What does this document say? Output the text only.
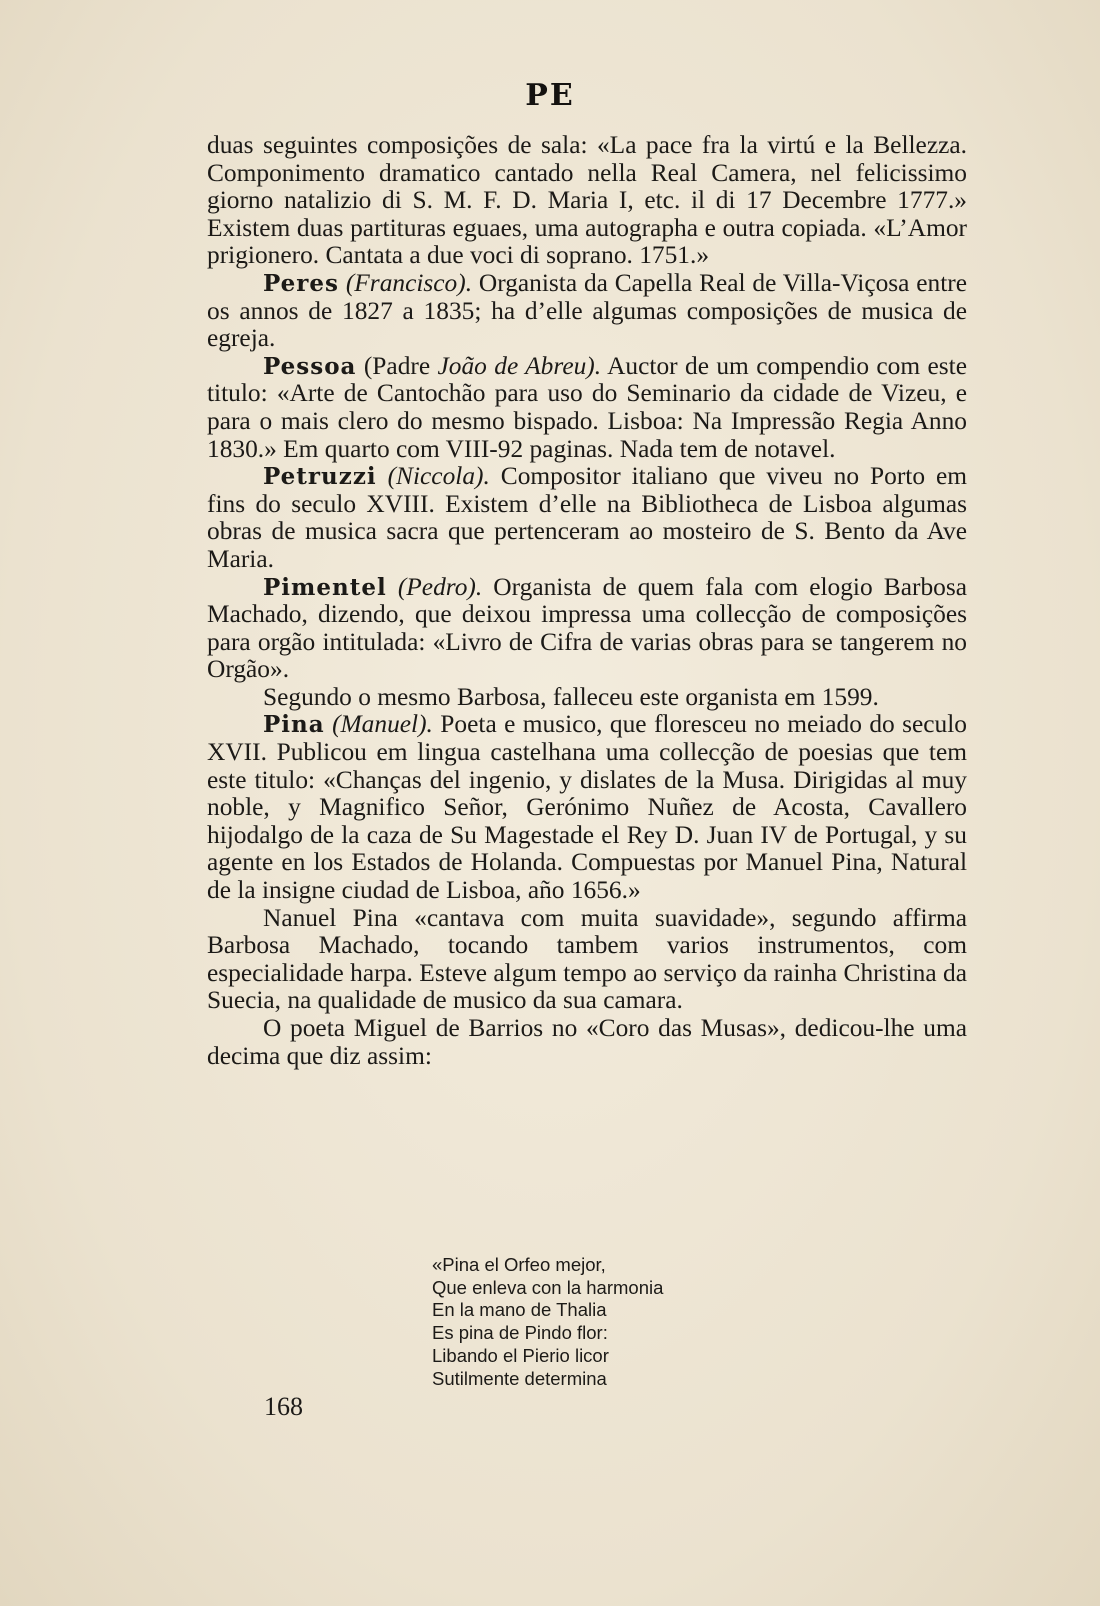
PE

duas seguintes composições de sala: «La pace fra la virtú e la Bellezza. Componimento dramatico cantado nella Real Camera, nel felicissimo giorno natalizio di S. M. F. D. Maria I, etc. il di 17 Decembre 1777.» Existem duas partituras eguaes, uma autographa e outra copiada. «L’Amor prigionero. Cantata a due voci di soprano. 1751.»

Peres (Francisco). Organista da Capella Real de Villa-Viçosa entre os annos de 1827 a 1835; ha d’elle algumas composições de musica de egreja.

Pessoa (Padre João de Abreu). Auctor de um compendio com este titulo: «Arte de Cantochão para uso do Seminario da cidade de Vizeu, e para o mais clero do mesmo bispado. Lisboa: Na Impressão Regia Anno 1830.» Em quarto com VIII-92 paginas. Nada tem de notavel.

Petruzzi (Niccola). Compositor italiano que viveu no Porto em fins do seculo XVIII. Existem d’elle na Bibliotheca de Lisboa algumas obras de musica sacra que pertenceram ao mosteiro de S. Bento da Ave Maria.

Pimentel (Pedro). Organista de quem fala com elogio Barbosa Machado, dizendo, que deixou impressa uma collecção de composições para orgão intitulada: «Livro de Cifra de varias obras para se tangerem no Orgão».

Segundo o mesmo Barbosa, falleceu este organista em 1599.

Pina (Manuel). Poeta e musico, que floresceu no meiado do seculo XVII. Publicou em lingua castelhana uma collecção de poesias que tem este titulo: «Chanças del ingenio, y dislates de la Musa. Dirigidas al muy noble, y Magnifico Señor, Gerónimo Nuñez de Acosta, Cavallero hijodalgo de la caza de Su Magestade el Rey D. Juan IV de Portugal, y su agente en los Estados de Holanda. Compuestas por Manuel Pina, Natural de la insigne ciudad de Lisboa, año 1656.»

Nanuel Pina «cantava com muita suavidade», segundo affirma Barbosa Machado, tocando tambem varios instrumentos, com especialidade harpa. Esteve algum tempo ao serviço da rainha Christina da Suecia, na qualidade de musico da sua camara.

O poeta Miguel de Barrios no «Coro das Musas», dedicou-lhe uma decima que diz assim:

«Pina el Orfeo mejor,
Que enleva con la harmonia
En la mano de Thalia
Es pina de Pindo flor:
Libando el Pierio licor
Sutilmente determina
168
